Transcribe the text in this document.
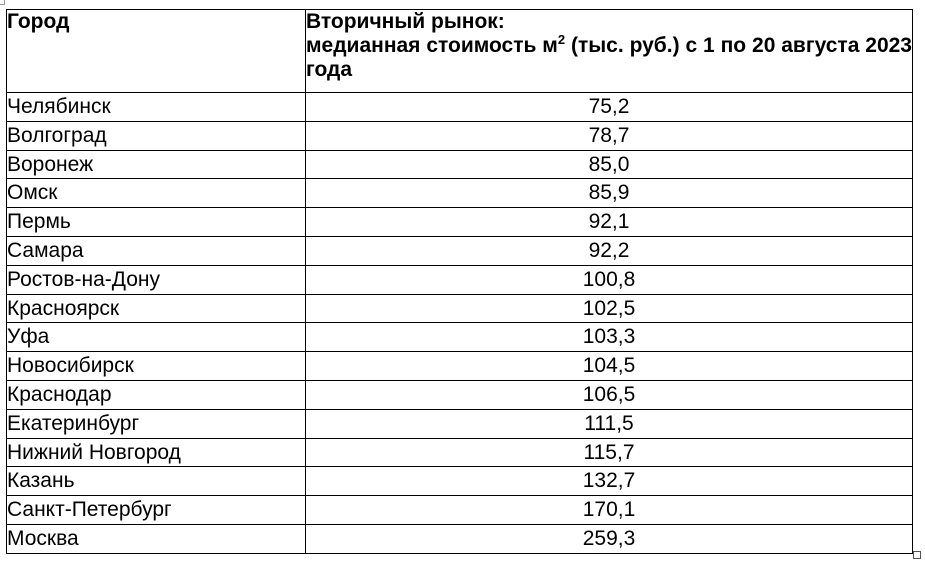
Город	Вторичный рынок:
медианная стоимость $м^2$ (тыс. руб.) с 1 по 20 августа 2023 года
Челябинск	75,2
Волгоград	78,7
Воронеж	85,0
Омск	85,9
Пермь	92,1
Самара	92,2
Ростов-на-Дону	100,8
Красноярск	102,5
Уфа	103,3
Новосибирск	104,5
Краснодар	106,5
Екатеринбург	111,5
Нижний Новгород	115,7
Казань	132,7
Санкт-Петербург	170,1
Москва	259,3
